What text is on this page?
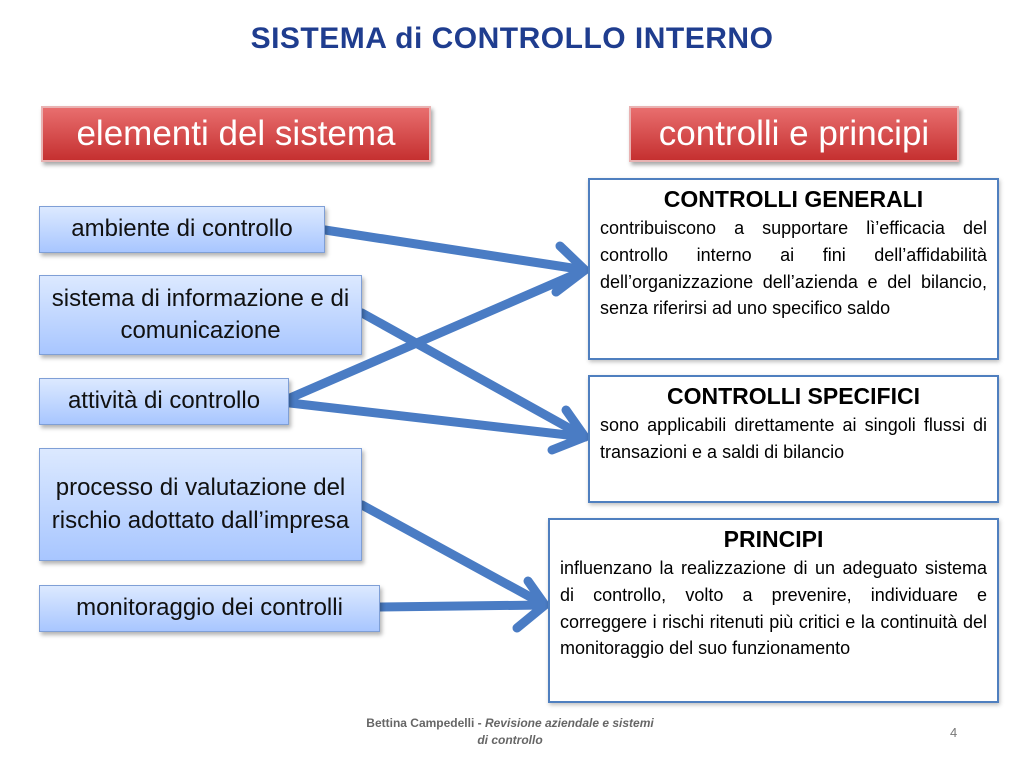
SISTEMA di CONTROLLO INTERNO
elementi del sistema	controlli e principi
ambiente di controllo
sistema di informazione e di comunicazione
attività di controllo
processo di valutazione del rischio adottato dall’impresa
monitoraggio dei controlli
CONTROLLI GENERALI
contribuiscono a supportare lì’efficacia del controllo interno ai fini dell’affidabilità dell’organizzazione dell’azienda e del bilancio, senza riferirsi ad uno specifico saldo
CONTROLLI SPECIFICI
sono applicabili direttamente ai singoli flussi di transazioni e a saldi di bilancio
PRINCIPI
influenzano la realizzazione di un adeguato sistema di controllo, volto a prevenire, individuare e correggere i rischi ritenuti più critici e la continuità del monitoraggio del suo funzionamento
Bettina Campedelli - Revisione aziendale e sistemi di controllo
4
